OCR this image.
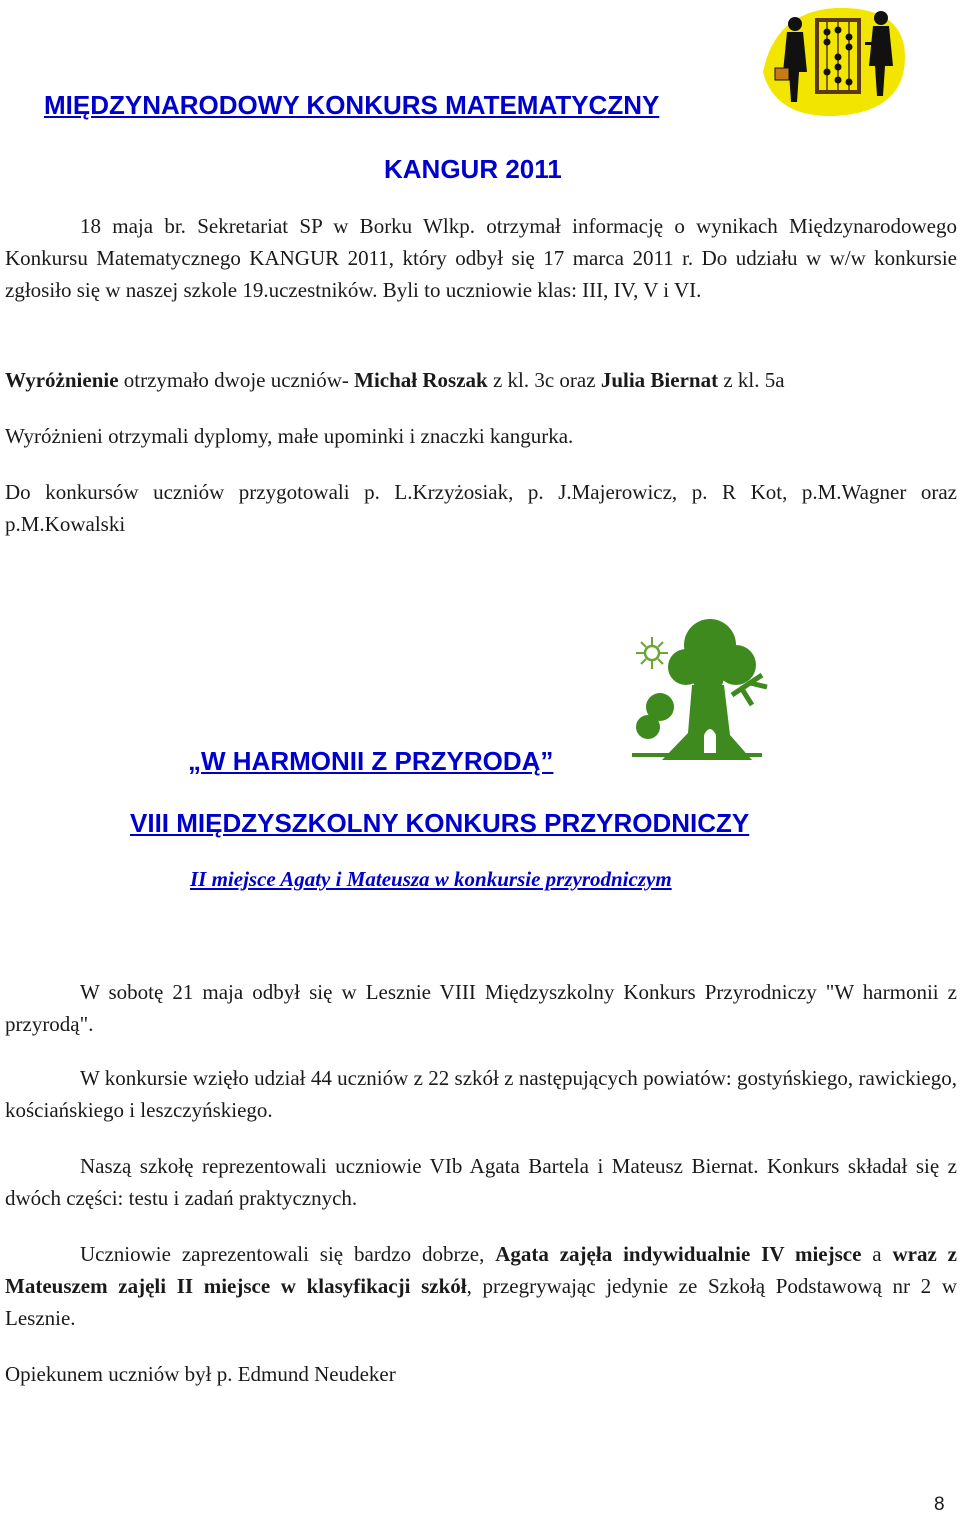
MIĘDZYNARODOWY KONKURS MATEMATYCZNY
KANGUR 2011

18 maja br. Sekretariat SP w Borku Wlkp. otrzymał informację o wynikach Międzynarodowego Konkursu Matematycznego KANGUR 2011, który odbył się 17 marca 2011 r. Do udziału w w/w konkursie zgłosiło się w naszej szkole 19.uczestników. Byli to uczniowie klas: III, IV, V i VI.

Wyróżnienie otrzymało dwoje uczniów- Michał Roszak z kl. 3c oraz Julia Biernat z kl. 5a

Wyróżnieni otrzymali dyplomy, małe upominki i znaczki kangurka.

Do konkursów uczniów przygotowali p. L.Krzyżosiak, p. J.Majerowicz, p. R Kot, p.M.Wagner oraz p.M.Kowalski

„W HARMONII Z PRZYRODĄ”
VIII MIĘDZYSZKOLNY KONKURS PRZYRODNICZY
II miejsce Agaty i Mateusza w konkursie przyrodniczym

W sobotę 21 maja odbył się w Lesznie VIII Międzyszkolny Konkurs Przyrodniczy "W harmonii z przyrodą".

W konkursie wzięło udział 44 uczniów z 22 szkół z następujących powiatów: gostyńskiego, rawickiego, kościańskiego i leszczyńskiego.

Naszą szkołę reprezentowali uczniowie VIb Agata Bartela i Mateusz Biernat. Konkurs składał się z dwóch części: testu i zadań praktycznych.

Uczniowie zaprezentowali się bardzo dobrze, Agata zajęła indywidualnie IV miejsce a wraz z Mateuszem zajęli II miejsce w klasyfikacji szkół, przegrywając jedynie ze Szkołą Podstawową nr 2 w Lesznie.

Opiekunem uczniów był p. Edmund Neudeker

8
